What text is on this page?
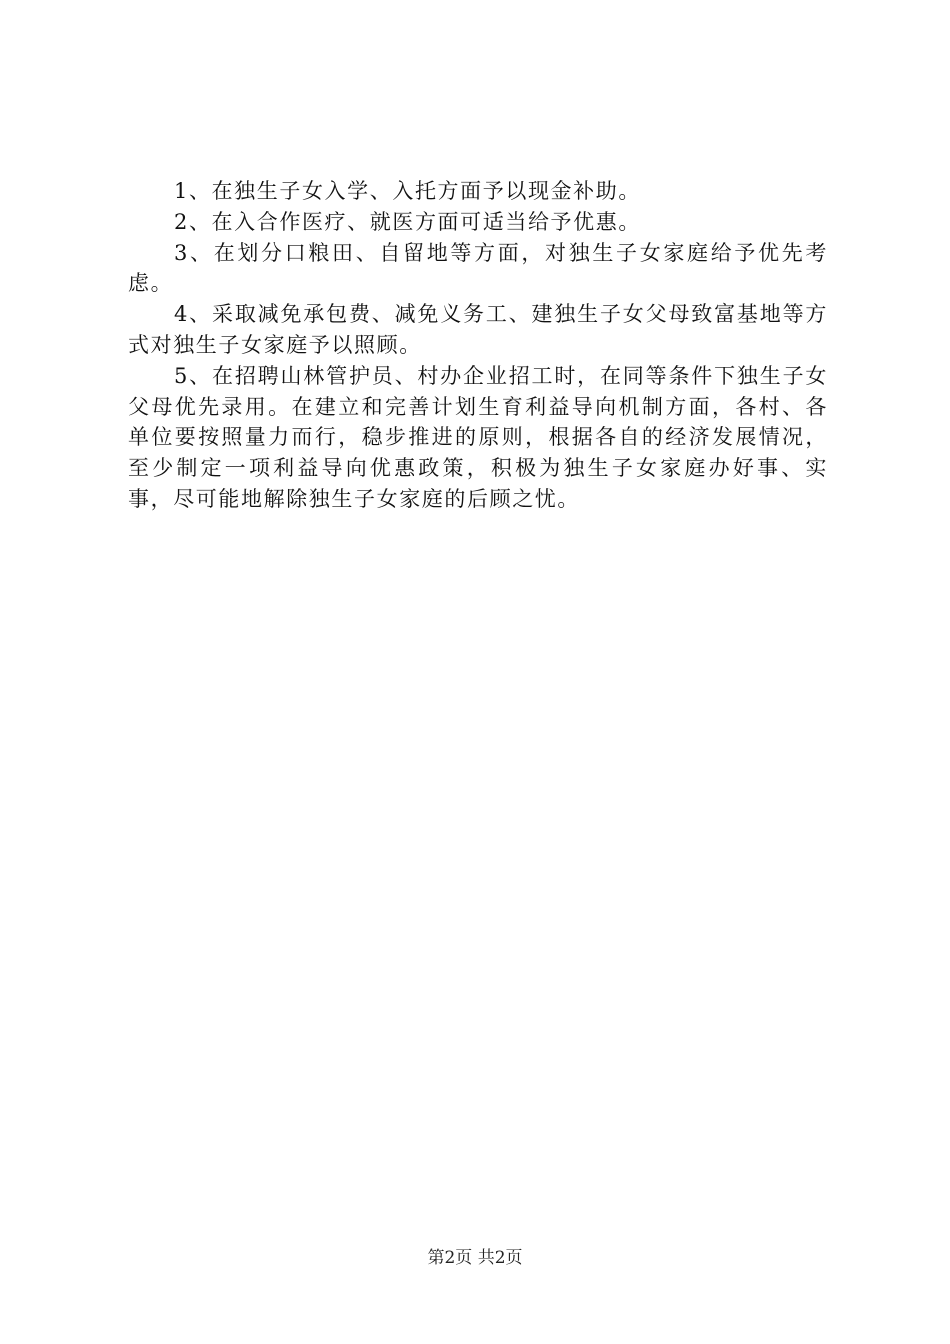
1、在独生子女入学、入托方面予以现金补助。

2、在入合作医疗、就医方面可适当给予优惠。

3、在划分口粮田、自留地等方面，对独生子女家庭给予优先考虑。

4、采取减免承包费、减免义务工、建独生子女父母致富基地等方式对独生子女家庭予以照顾。

5、在招聘山林管护员、村办企业招工时，在同等条件下独生子女父母优先录用。在建立和完善计划生育利益导向机制方面，各村、各单位要按照量力而行，稳步推进的原则，根据各自的经济发展情况，至少制定一项利益导向优惠政策，积极为独生子女家庭办好事、实事，尽可能地解除独生子女家庭的后顾之忧。

第2页 共2页
